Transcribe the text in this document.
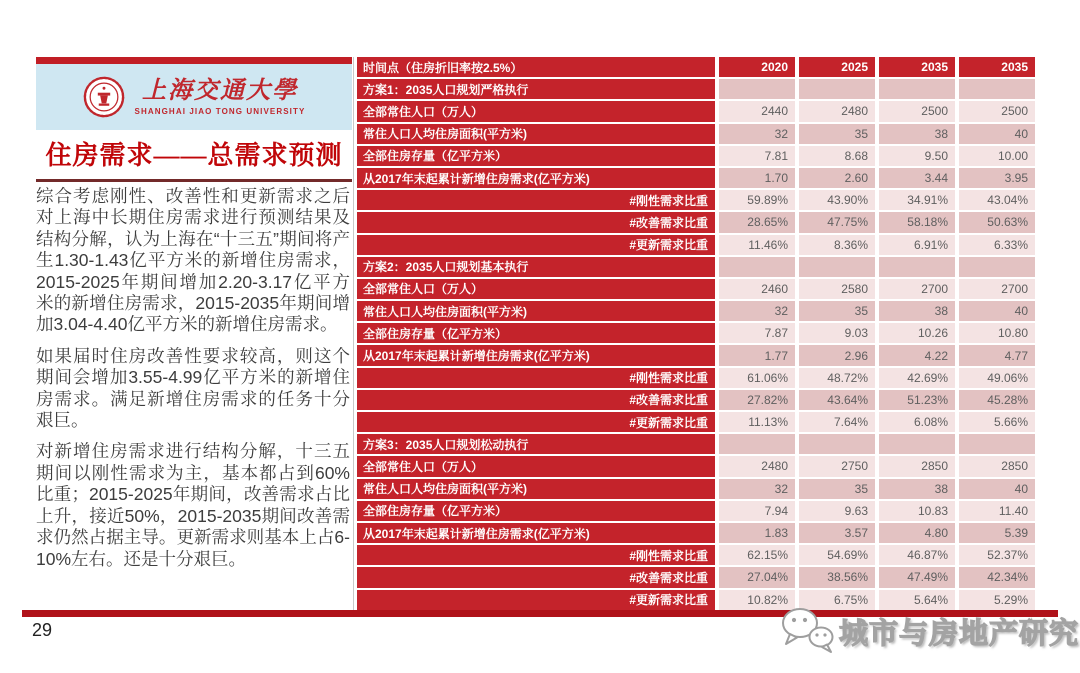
上海交通大學
SHANGHAI JIAO TONG UNIVERSITY
住房需求——总需求预测

综合考虑刚性、改善性和更新需求之后对上海中长期住房需求进行预测结果及结构分解，认为上海在“十三五”期间将产生1.30-1.43亿平方米的新增住房需求，2015-2025年期间增加2.20-3.17亿平方米的新增住房需求，2015-2035年期间增加3.04-4.40亿平方米的新增住房需求。

如果届时住房改善性要求较高，则这个期间会增加3.55-4.99亿平方米的新增住房需求。满足新增住房需求的任务十分艰巨。

对新增住房需求进行结构分解，十三五期间以刚性需求为主，基本都占到60%比重；2015-2025年期间，改善需求占比上升，接近50%，2015-2035期间改善需求仍然占据主导。更新需求则基本上占6-10%左右。还是十分艰巨。

时间点（住房折旧率按2.5%）	2020	2025	2035	2035
方案1：2035人口规划严格执行
全部常住人口（万人）	2440	2480	2500	2500
常住人口人均住房面积(平方米)	32	35	38	40
全部住房存量（亿平方米）	7.81	8.68	9.50	10.00
从2017年末起累计新增住房需求(亿平方米)	1.70	2.60	3.44	3.95
#刚性需求比重	59.89%	43.90%	34.91%	43.04%
#改善需求比重	28.65%	47.75%	58.18%	50.63%
#更新需求比重	11.46%	8.36%	6.91%	6.33%
方案2：2035人口规划基本执行
全部常住人口（万人）	2460	2580	2700	2700
常住人口人均住房面积(平方米)	32	35	38	40
全部住房存量（亿平方米）	7.87	9.03	10.26	10.80
从2017年末起累计新增住房需求(亿平方米)	1.77	2.96	4.22	4.77
#刚性需求比重	61.06%	48.72%	42.69%	49.06%
#改善需求比重	27.82%	43.64%	51.23%	45.28%
#更新需求比重	11.13%	7.64%	6.08%	5.66%
方案3：2035人口规划松动执行
全部常住人口（万人）	2480	2750	2850	2850
常住人口人均住房面积(平方米)	32	35	38	40
全部住房存量（亿平方米）	7.94	9.63	10.83	11.40
从2017年末起累计新增住房需求(亿平方米)	1.83	3.57	4.80	5.39
#刚性需求比重	62.15%	54.69%	46.87%	52.37%
#改善需求比重	27.04%	38.56%	47.49%	42.34%
#更新需求比重	10.82%	6.75%	5.64%	5.29%
29	城市与房地产研究
